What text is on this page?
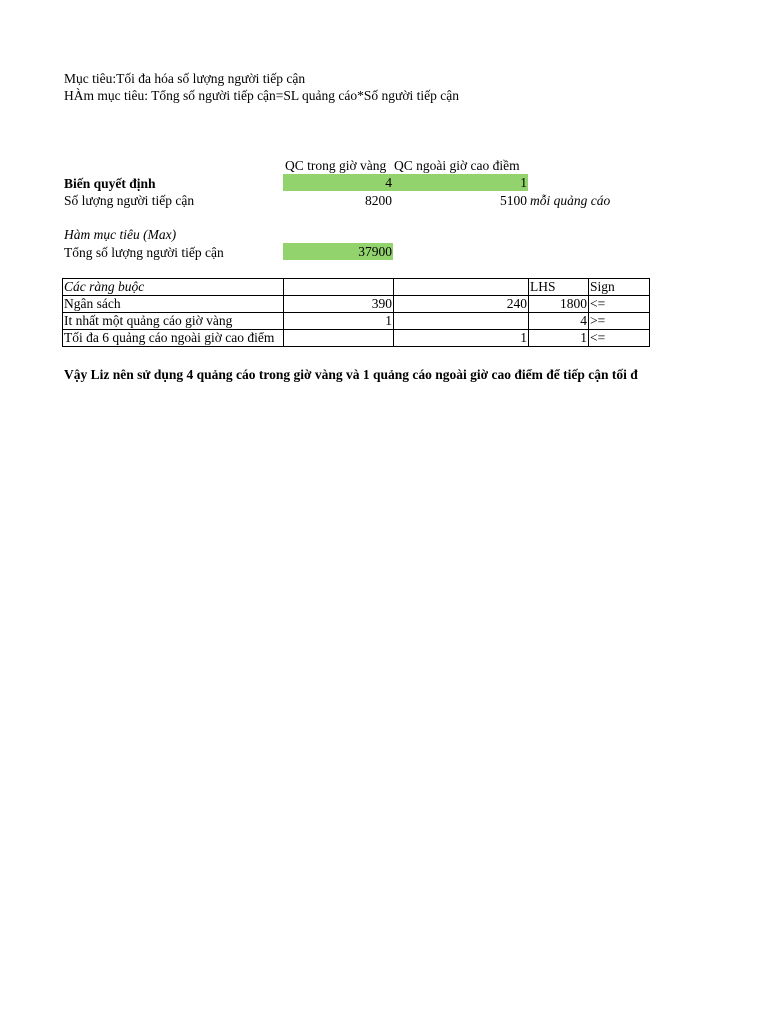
Mục tiêu:Tối đa hóa số lượng người tiếp cận
HÀm mục tiêu: Tổng số người tiếp cận=SL quảng cáo*Số người tiếp cận
QC trong giờ vàng QC ngoài giờ cao điềm
Biến quyết định	4	1
Số lượng người tiếp cận	8200	5100 mỗi quảng cáo
Hàm mục tiêu (Max)
Tổng số lượng người tiếp cận	37900
Các ràng buộc			LHS	Sign
Ngân sách	390	240	1800	<=
It nhất một quảng cáo giờ vàng	1		4	>=
Tối đa 6 quảng cáo ngoài giờ cao điểm		1	1	<=
Vậy Liz nên sử dụng 4 quảng cáo trong giờ vàng và 1 quảng cáo ngoài giờ cao điểm để tiếp cận tối đ
